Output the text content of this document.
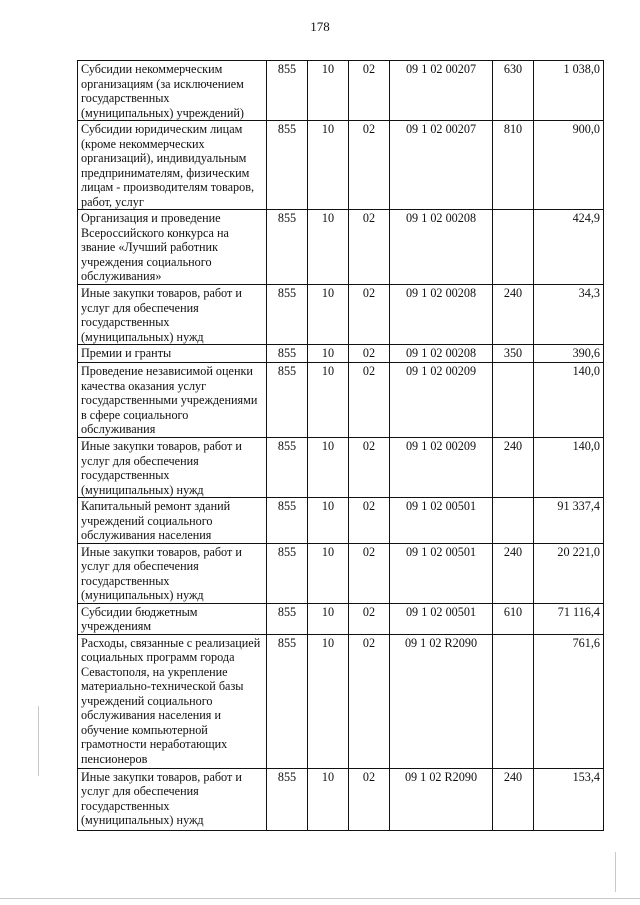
178
Субсидии некоммерческим организациям (за исключением государственных (муниципальных) учреждений)	855	10	02	09 1 02 00207	630	1 038,0
Субсидии юридическим лицам (кроме некоммерческих организаций), индивидуальным предпринимателям, физическим лицам - производителям товаров, работ, услуг	855	10	02	09 1 02 00207	810	900,0
Организация и проведение Всероссийского конкурса на звание «Лучший работник учреждения социального обслуживания»	855	10	02	09 1 02 00208		424,9
Иные закупки товаров, работ и услуг для обеспечения государственных (муниципальных) нужд	855	10	02	09 1 02 00208	240	34,3
Премии и гранты	855	10	02	09 1 02 00208	350	390,6
Проведение независимой оценки качества оказания услуг государственными учреждениями в сфере социального обслуживания	855	10	02	09 1 02 00209		140,0
Иные закупки товаров, работ и услуг для обеспечения государственных (муниципальных) нужд	855	10	02	09 1 02 00209	240	140,0
Капитальный ремонт зданий учреждений социального обслуживания населения	855	10	02	09 1 02 00501		91 337,4
Иные закупки товаров, работ и услуг для обеспечения государственных (муниципальных) нужд	855	10	02	09 1 02 00501	240	20 221,0
Субсидии бюджетным учреждениям	855	10	02	09 1 02 00501	610	71 116,4
Расходы, связанные с реализацией социальных программ города Севастополя, на укрепление материально-технической базы учреждений социального обслуживания населения и обучение компьютерной грамотности неработающих пенсионеров	855	10	02	09 1 02 R2090		761,6
Иные закупки товаров, работ и услуг для обеспечения государственных (муниципальных) нужд	855	10	02	09 1 02 R2090	240	153,4
